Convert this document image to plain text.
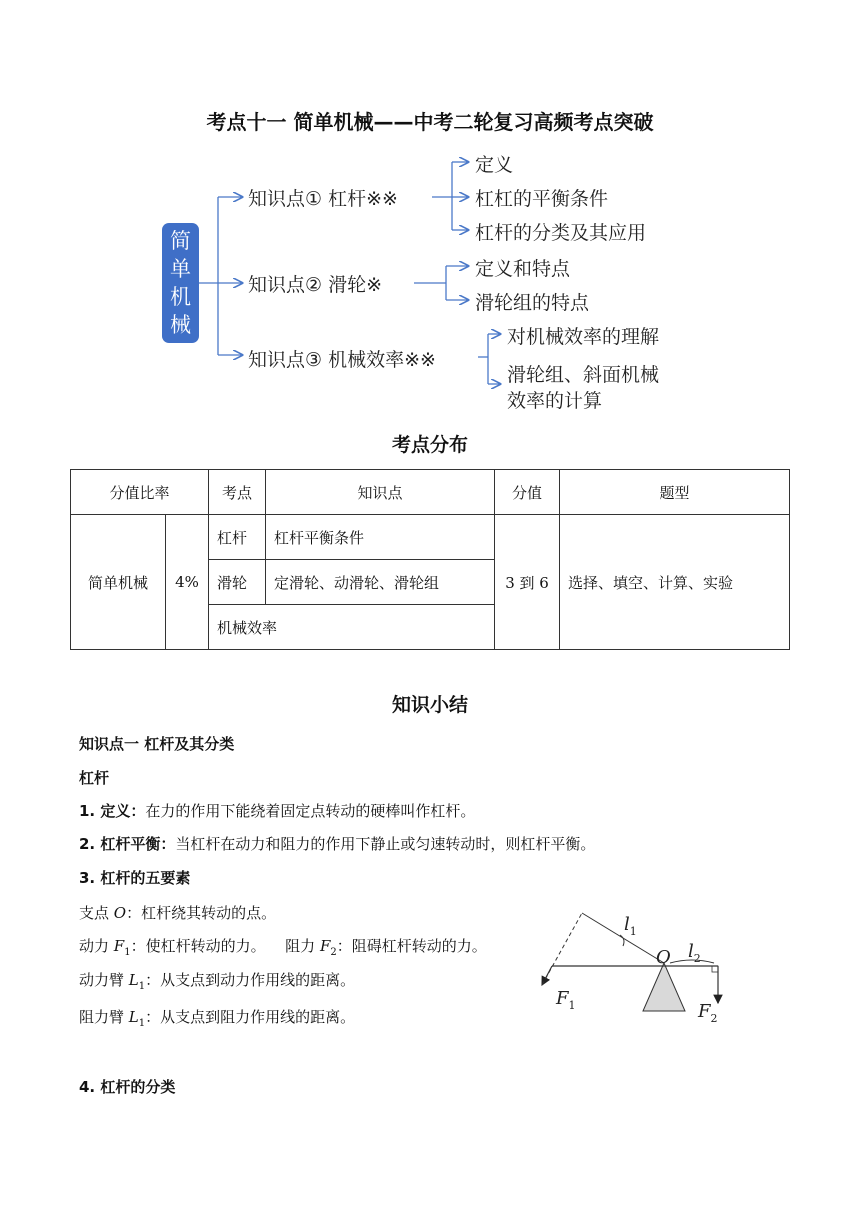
考点十一 简单机械——中考二轮复习高频考点突破
简
单
机
械
知识点① 杠杆※※
知识点② 滑轮※
知识点③ 机械效率※※
定义
杠杠的平衡条件
杠杆的分类及其应用
定义和特点
滑轮组的特点
对机械效率的理解
滑轮组、斜面机械
效率的计算
考点分布
分值比率		考点	知识点	分值	题型
简单机械	4%	杠杆	杠杆平衡条件	3 到 6	选择、填空、计算、实验
		滑轮	定滑轮、动滑轮、滑轮组		
		机械效率			
知识小结
知识点一 杠杆及其分类
杠杆
1. 定义：在力的作用下能绕着固定点转动的硬棒叫作杠杆。
2. 杠杆平衡：当杠杆在动力和阻力的作用下静止或匀速转动时，则杠杆平衡。
3. 杠杆的五要素
支点 O：杠杆绕其转动的点。
动力 $F_1$：使杠杆转动的力。 阻力 $F_2$：阻碍杠杆转动的力。
动力臂 $L_1$：从支点到动力作用线的距离。
阻力臂 $L_1$：从支点到阻力作用线的距离。
4. 杠杆的分类
$l_1$
O $l_2$
$F_1$	$F_2$
